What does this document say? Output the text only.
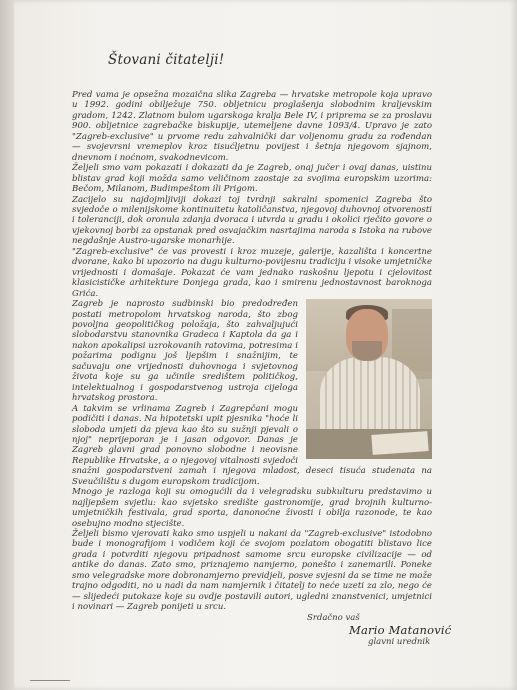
Štovani čitatelji!

Pred vama je opsežna mozaična slika Zagreba — hrvatske metropole koja upravo u 1992. godini obilježuje 750. obljetnicu proglašenja slobodnim kraljevskim gradom, 1242. Zlatnom bulom ugarskoga kralja Bele IV, i priprema se za proslavu 900. obljetnice zagrebačke biskupije, utemeljene davne 1093/4. Upravo je zato "Zagreb-exclusive" u prvome redu zahvalnički dar voljenomu gradu za rođendan — svojevrsni vremeplov kroz tisućljetnu povijest i šetnja njegovom sjajnom, dnevnom i noćnom, svakodnevicom.

Željeli smo vam pokazati i dokazati da je Zagreb, onaj jučer i ovaj danas, uistinu blistav grad koji možda samo veličinom zaostaje za svojima europskim uzorima: Bečom, Milanom, Budimpeštom ili Prigom.

Zacijelo su najdojmljiviji dokazi toj tvrdnji sakralni spomenici Zagreba što svjedoče o milenijskome kontinuitetu katoličanstva, njegovoj duhovnoj otvorenosti i toleranciji, dok oronula zdanja dvoraca i utvrda u gradu i okolici rječito govore o vjekovnoj borbi za opstanak pred osvajačkim nasrtajima naroda s Istoka na rubove negdašnje Austro-ugarske monarhije.

"Zagreb-exclusive" će vas provesti i kroz muzeje, galerije, kazališta i koncertne dvorane, kako bi upozorio na dugu kulturno-povijesnu tradiciju i visoke umjetničke vrijednosti i domašaje. Pokazat će vam jednako raskošnu ljepotu i cjelovitost klasicističke arhitekture Donjega grada, kao i smirenu jednostavnost baroknoga Grića.

Zagreb je naprosto sudbinski bio predodređen postati metropolom hrvatskog naroda, što zbog povoljna geopolitičkog položaja, što zahvaljujući slobodarstvu stanovnika Gradeca i Kaptola da ga i nakon apokalipsi uzrokovanih ratovima, potresima i požarima podignu još ljepšim i snažnijim, te sačuvaju one vrijednosti duhovnoga i svjetovnog života koje su ga učinile središtem političkog, intelektualnog i gospodarstvenog ustroja cijeloga hrvatskog prostora.

A takvim se vrlinama Zagreb i Zagrepčani mogu podičiti i danas. Na hipotetski upit pjesnika "hoće li sloboda umjeti da pjeva kao što su sužnji pjevali o njoj" neprijeporan je i jasan odgovor. Danas je Zagreb glavni grad ponovno slobodne i neovisne Republike Hrvatske, a o njegovoj vitalnosti svjedoči snažni gospodarstveni zamah i njegova mladost, deseci tisuća studenata na Sveučilištu s dugom europskom tradicijom.

Mnogo je razloga koji su omogućili da i velegradsku subkulturu predstavimo u najljepšem svjetlu: kao svjetsko središte gastronomije, grad brojnih kulturno-umjetničkih festivala, grad sporta, danonoćne živosti i obilja razonode, te kao osebujno modno stjecište.

Željeli bismo vjerovati kako smo uspjeli u nakani da "Zagreb-exclusive" istodobno bude i monografijom i vodičem koji će svojom pozlatom obogatiti blistavo lice grada i potvrditi njegovu pripadnost samome srcu europske civilizacije — od antike do danas. Zato smo, priznajemo namjerno, ponešto i zanemarili. Poneke smo velegradske more dobronamjerno previdjeli, posve svjesni da se time ne može trajno odgoditi, no u nadi da nam namjernik i čitatelj to neće uzeti za zlo, nego će — slijedeći putokaze koje su ovdje postavili autori, ugledni znanstvenici, umjetnici i novinari — Zagreb ponijeti u srcu.

Srdačno vaš
Mario Matanović
glavni urednik
